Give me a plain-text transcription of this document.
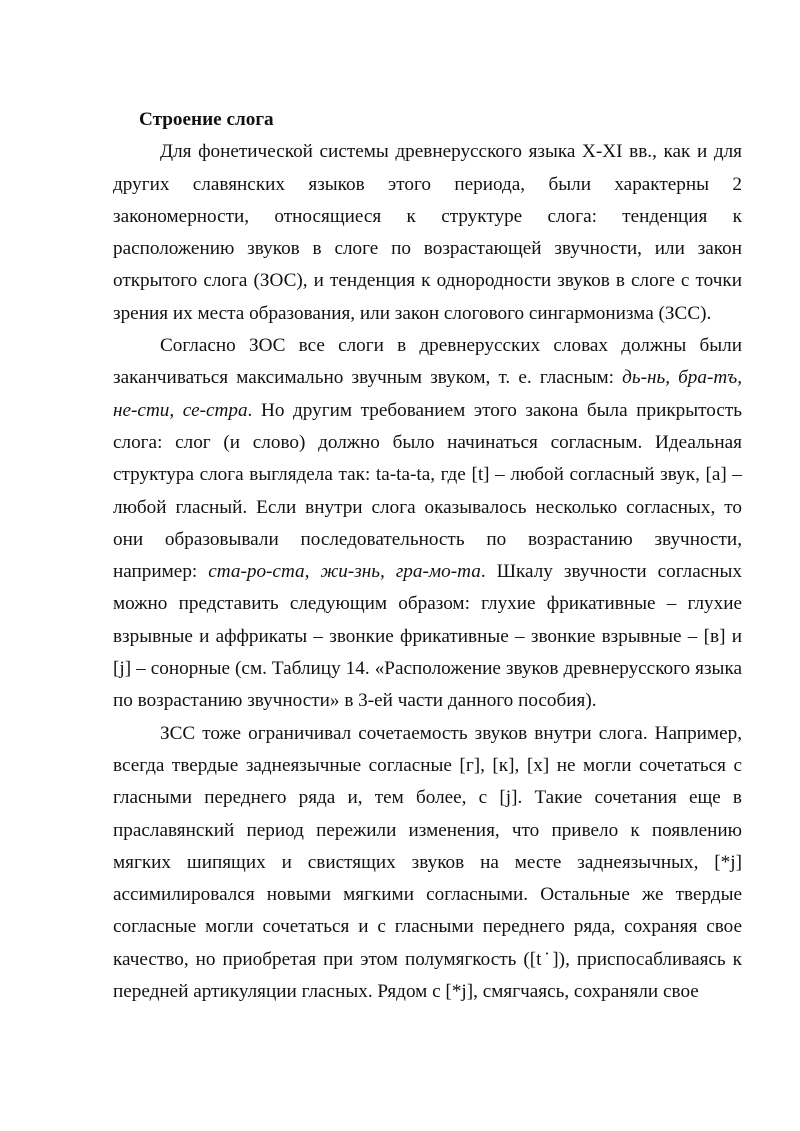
Строение слога

Для фонетической системы древнерусского языка X-XI вв., как и для других славянских языков этого периода, были характерны 2 закономерности, относящиеся к структуре слога: тенденция к расположению звуков в слоге по возрастающей звучности, или закон открытого слога (ЗОС), и тенденция к однородности звуков в слоге с точки зрения их места образования, или закон слогового сингармонизма (ЗСС).

Согласно ЗОС все слоги в древнерусских словах должны были заканчиваться максимально звучным звуком, т. е. гласным: дь-нь, бра-тъ, не-сти, се-стра. Но другим требованием этого закона была прикрытость слога: слог (и слово) должно было начинаться согласным. Идеальная структура слога выглядела так: ta-ta-ta, где [t] – любой согласный звук, [a] – любой гласный. Если внутри слога оказывалось несколько согласных, то они образовывали последовательность по возрастанию звучности, например: ста-ро-ста, жи-знь, гра-мо-та. Шкалу звучности согласных можно представить следующим образом: глухие фрикативные – глухие взрывные и аффрикаты – звонкие фрикативные – звонкие взрывные – [в] и [j] – сонорные (см. Таблицу 14. «Расположение звуков древнерусского языка по возрастанию звучности» в 3-ей части данного пособия).

ЗСС тоже ограничивал сочетаемость звуков внутри слога. Например, всегда твердые заднеязычные согласные [г], [к], [х] не могли сочетаться с гласными переднего ряда и, тем более, с [j]. Такие сочетания еще в праславянский период пережили изменения, что привело к появлению мягких шипящих и свистящих звуков на месте заднеязычных, [*j] ассимилировался новыми мягкими согласными. Остальные же твердые согласные могли сочетаться и с гласными переднего ряда, сохраняя свое качество, но приобретая при этом полумягкость ([t˙]), приспосабливаясь к передней артикуляции гласных. Рядом с [*j], смягчаясь, сохраняли свое
